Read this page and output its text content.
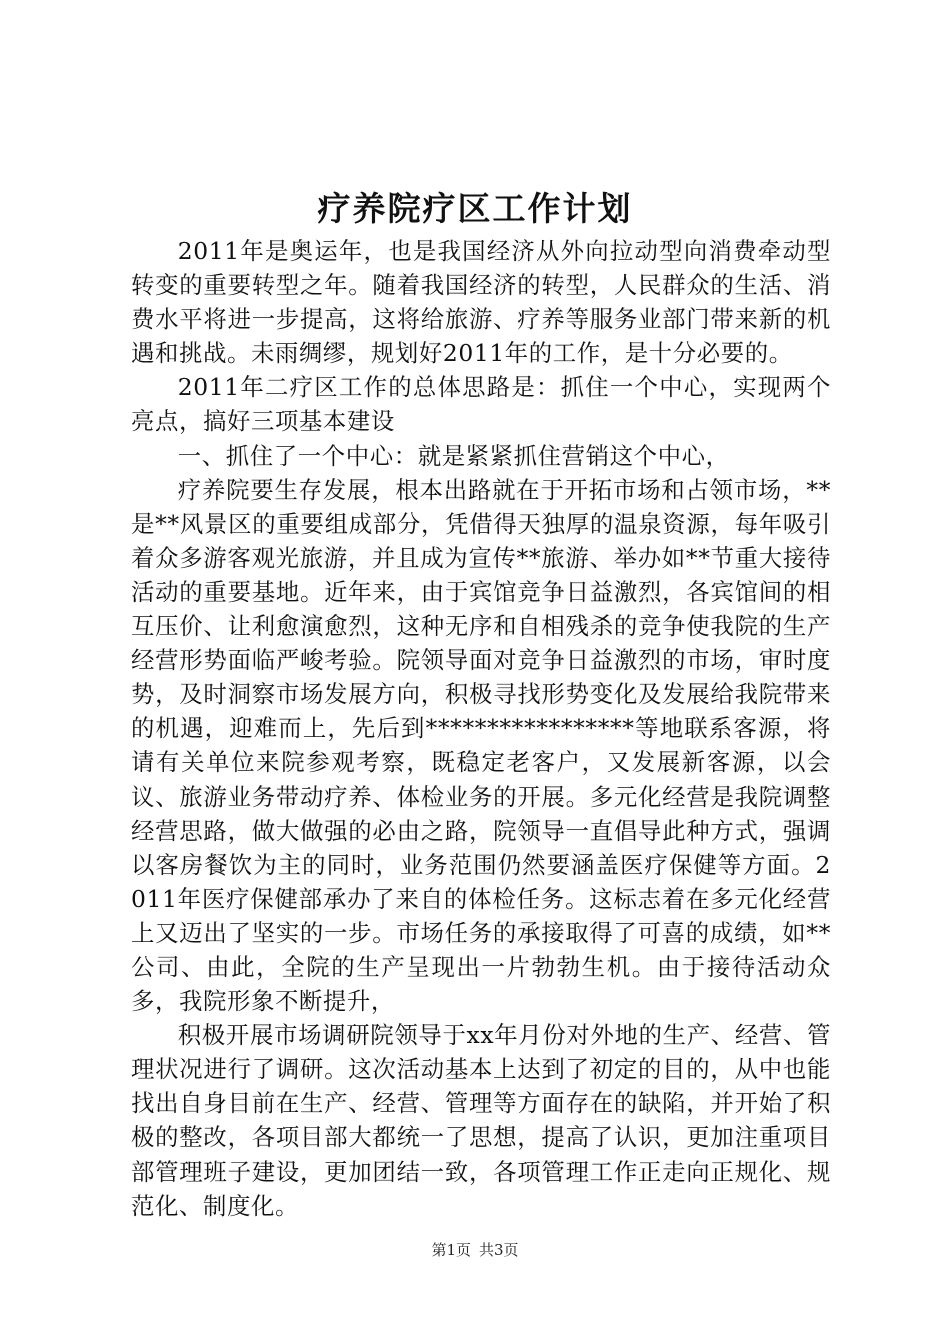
疗养院疗区工作计划

2011年是奥运年，也是我国经济从外向拉动型向消费牵动型转变的重要转型之年。随着我国经济的转型，人民群众的生活、消费水平将进一步提高，这将给旅游、疗养等服务业部门带来新的机遇和挑战。未雨绸缪，规划好2011年的工作，是十分必要的。

2011年二疗区工作的总体思路是：抓住一个中心，实现两个亮点，搞好三项基本建设

一、抓住了一个中心：就是紧紧抓住营销这个中心，

疗养院要生存发展，根本出路就在于开拓市场和占领市场，**是**风景区的重要组成部分，凭借得天独厚的温泉资源，每年吸引着众多游客观光旅游，并且成为宣传**旅游、举办如**节重大接待活动的重要基地。近年来，由于宾馆竞争日益激烈，各宾馆间的相互压价、让利愈演愈烈，这种无序和自相残杀的竞争使我院的生产经营形势面临严峻考验。院领导面对竞争日益激烈的市场，审时度势，及时洞察市场发展方向，积极寻找形势变化及发展给我院带来的机遇，迎难而上，先后到*****************等地联系客源，将请有关单位来院参观考察，既稳定老客户，又发展新客源，以会议、旅游业务带动疗养、体检业务的开展。多元化经营是我院调整经营思路，做大做强的必由之路，院领导一直倡导此种方式，强调以客房餐饮为主的同时，业务范围仍然要涵盖医疗保健等方面。2011年医疗保健部承办了来自的体检任务。这标志着在多元化经营上又迈出了坚实的一步。市场任务的承接取得了可喜的成绩，如**公司、由此，全院的生产呈现出一片勃勃生机。由于接待活动众多，我院形象不断提升，

积极开展市场调研院领导于xx年月份对外地的生产、经营、管理状况进行了调研。这次活动基本上达到了初定的目的，从中也能找出自身目前在生产、经营、管理等方面存在的缺陷，并开始了积极的整改，各项目部大都统一了思想，提高了认识，更加注重项目部管理班子建设，更加团结一致，各项管理工作正走向正规化、规范化、制度化。

第1页 共3页
